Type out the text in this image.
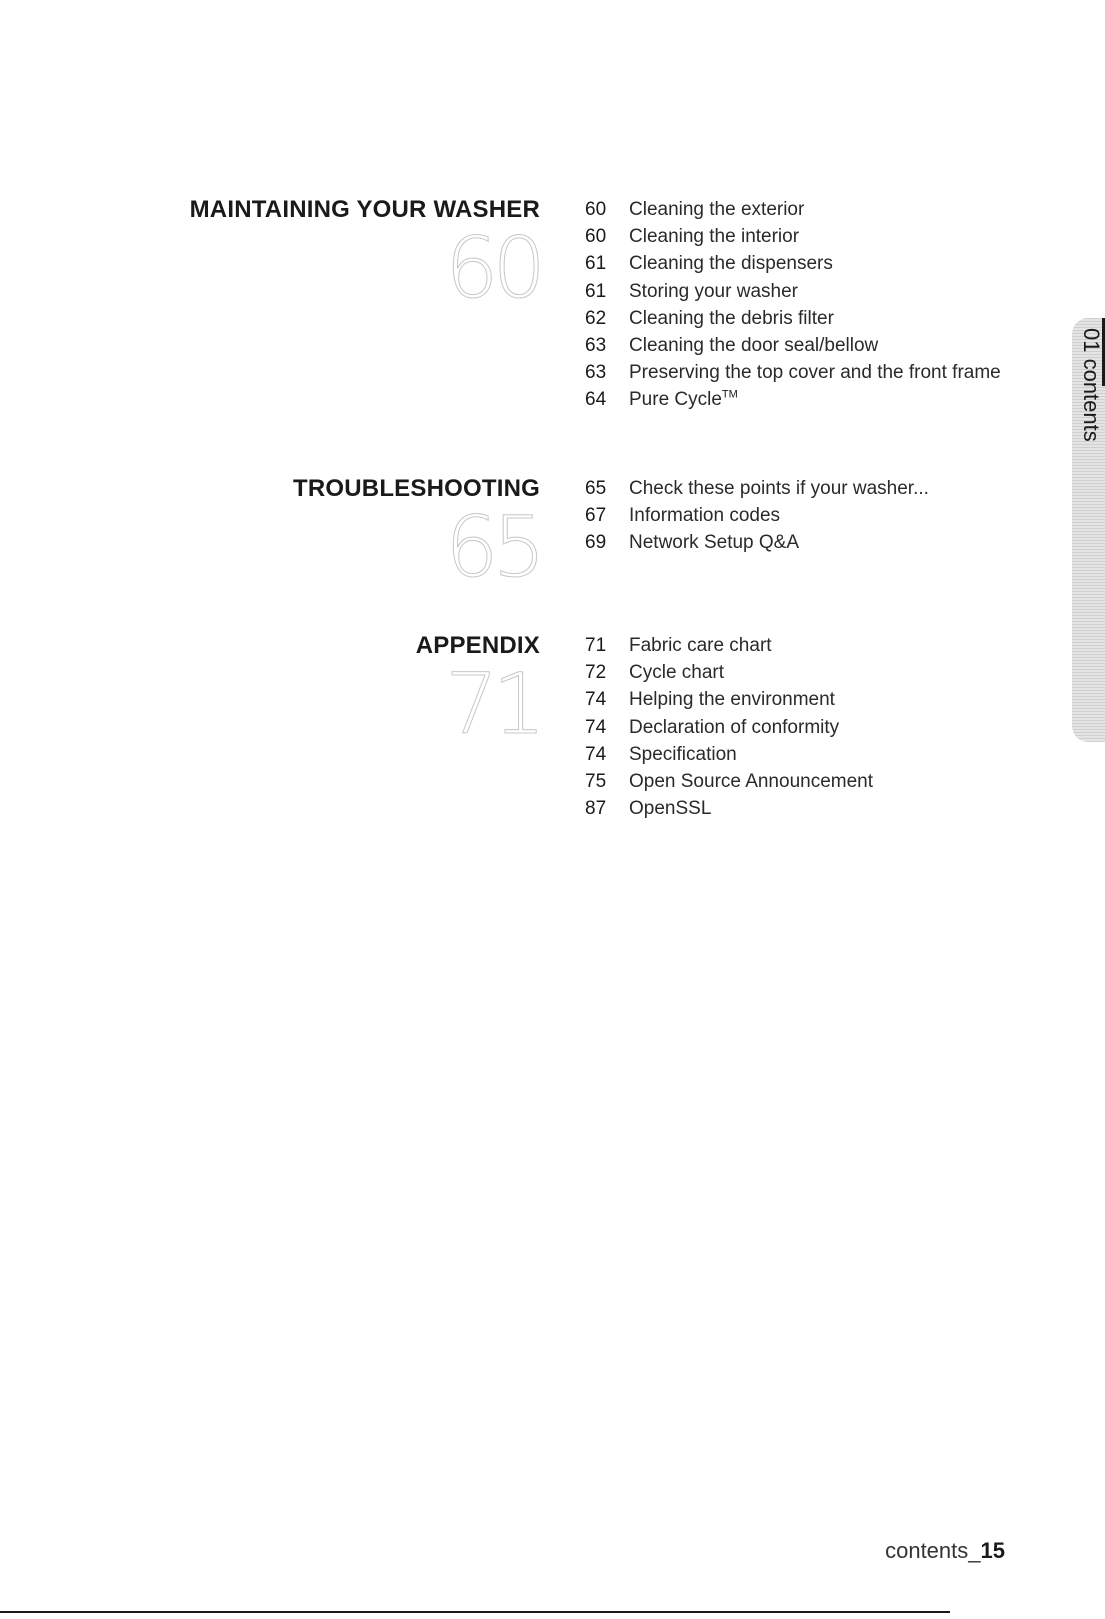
MAINTAINING YOUR WASHER
60
60 Cleaning the exterior
60 Cleaning the interior
61 Cleaning the dispensers
61 Storing your washer
62 Cleaning the debris filter
63 Cleaning the door seal/bellow
63 Preserving the top cover and the front frame
64 Pure Cycle™
TROUBLESHOOTING
65
65 Check these points if your washer...
67 Information codes
69 Network Setup Q&A
APPENDIX
71
71 Fabric care chart
72 Cycle chart
74 Helping the environment
74 Declaration of conformity
74 Specification
75 Open Source Announcement
87 OpenSSL
01 contents
contents_15
